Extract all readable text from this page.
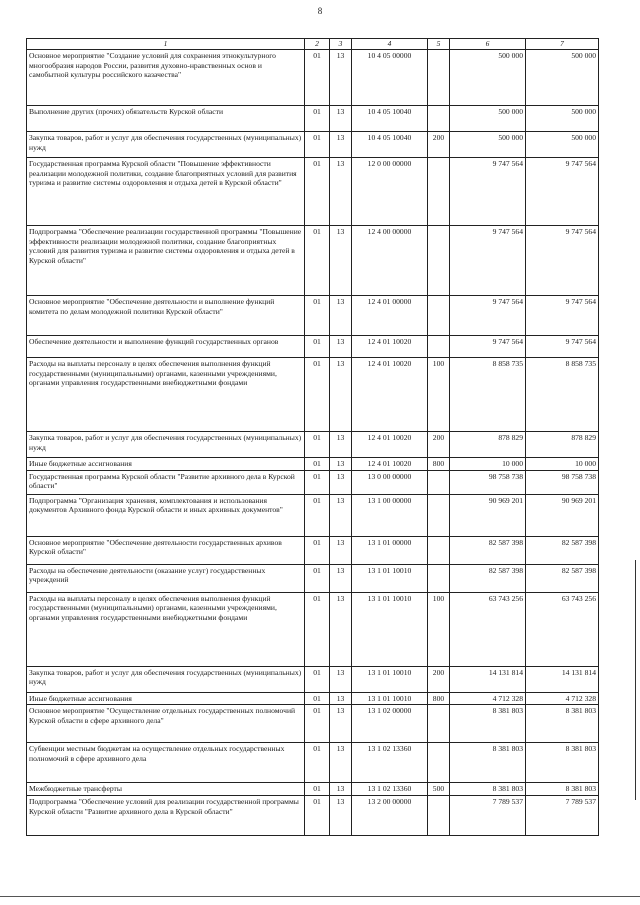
8
1	2	3	4	5	6	7
Основное мероприятие "Создание условий для сохранения этнокультурного многообразия народов России, развития духовно-нравственных основ и самобытной культуры российского казачества"	01	13	10 4 05 00000		500 000	500 000
Выполнение других (прочих) обязательств Курской области	01	13	10 4 05 10040		500 000	500 000
Закупка товаров, работ и услуг для обеспечения государственных (муниципальных) нужд	01	13	10 4 05 10040	200	500 000	500 000
Государственная программа Курской области "Повышение эффективности реализации молодежной политики, создание благоприятных условий для развития туризма и развитие системы оздоровления и отдыха детей в Курской области"	01	13	12 0 00 00000		9 747 564	9 747 564
Подпрограмма "Обеспечение реализации государственной программы "Повышение эффективности реализации молодежной политики, создание благоприятных условий для развития туризма и развитие системы оздоровления и отдыха детей в Курской области"	01	13	12 4 00 00000		9 747 564	9 747 564
Основное мероприятие "Обеспечение деятельности и выполнение функций комитета по делам молодежной политики Курской области"	01	13	12 4 01 00000		9 747 564	9 747 564
Обеспечение деятельности и выполнение функций государственных органов	01	13	12 4 01 10020		9 747 564	9 747 564
Расходы на выплаты персоналу в целях обеспечения выполнения функций государственными (муниципальными) органами, казенными учреждениями, органами управления государственными внебюджетными фондами	01	13	12 4 01 10020	100	8 858 735	8 858 735
Закупка товаров, работ и услуг для обеспечения государственных (муниципальных) нужд	01	13	12 4 01 10020	200	878 829	878 829
Иные бюджетные ассигнования	01	13	12 4 01 10020	800	10 000	10 000
Государственная программа Курской области "Развитие архивного дела в Курской области"	01	13	13 0 00 00000		98 758 738	98 758 738
Подпрограмма "Организация хранения, комплектования и использования документов Архивного фонда Курской области и иных архивных документов"	01	13	13 1 00 00000		90 969 201	90 969 201
Основное мероприятие "Обеспечение деятельности государственных архивов Курской области"	01	13	13 1 01 00000		82 587 398	82 587 398
Расходы на обеспечение деятельности (оказание услуг) государственных учреждений	01	13	13 1 01 10010		82 587 398	82 587 398
Расходы на выплаты персоналу в целях обеспечения выполнения функций государственными (муниципальными) органами, казенными учреждениями, органами управления государственными внебюджетными фондами	01	13	13 1 01 10010	100	63 743 256	63 743 256
Закупка товаров, работ и услуг для обеспечения государственных (муниципальных) нужд	01	13	13 1 01 10010	200	14 131 814	14 131 814
Иные бюджетные ассигнования	01	13	13 1 01 10010	800	4 712 328	4 712 328
Основное мероприятие "Осуществление отдельных государственных полномочий Курской области в сфере архивного дела"	01	13	13 1 02 00000		8 381 803	8 381 803
Субвенции местным бюджетам на осуществление отдельных государственных полномочий в сфере архивного дела	01	13	13 1 02 13360		8 381 803	8 381 803
Межбюджетные трансферты	01	13	13 1 02 13360	500	8 381 803	8 381 803
Подпрограмма "Обеспечение условий для реализации государственной программы Курской области "Развитие архивного дела в Курской области"	01	13	13 2 00 00000		7 789 537	7 789 537
